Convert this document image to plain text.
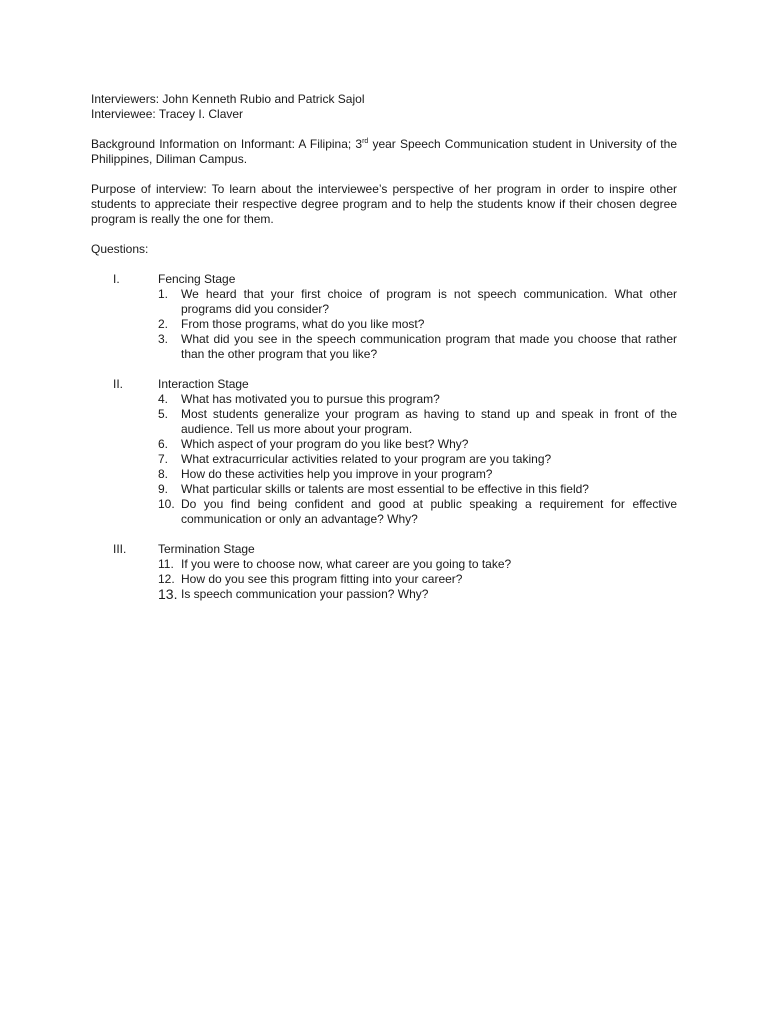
Interviewers: John Kenneth Rubio and Patrick Sajol

Interviewee: Tracey I. Claver

Background Information on Informant: A Filipina; 3rd year Speech Communication student in University of the Philippines, Diliman Campus.

Purpose of interview: To learn about the interviewee’s perspective of her program in order to inspire other students to appreciate their respective degree program and to help the students know if their chosen degree program is really the one for them.

Questions:

I.	Fencing Stage
1.	We heard that your first choice of program is not speech communication. What other programs did you consider?
2.	From those programs, what do you like most?
3.	What did you see in the speech communication program that made you choose that rather than the other program that you like?
II.	Interaction Stage
4.	What has motivated you to pursue this program?
5.	Most students generalize your program as having to stand up and speak in front of the audience. Tell us more about your program.
6.	Which aspect of your program do you like best? Why?
7.	What extracurricular activities related to your program are you taking?
8.	How do these activities help you improve in your program?
9.	What particular skills or talents are most essential to be effective in this field?
10. Do you find being confident and good at public speaking a requirement for effective communication or only an advantage? Why?
III.	Termination Stage
11. If you were to choose now, what career are you going to take?
12. How do you see this program fitting into your career?
13. Is speech communication your passion? Why?
